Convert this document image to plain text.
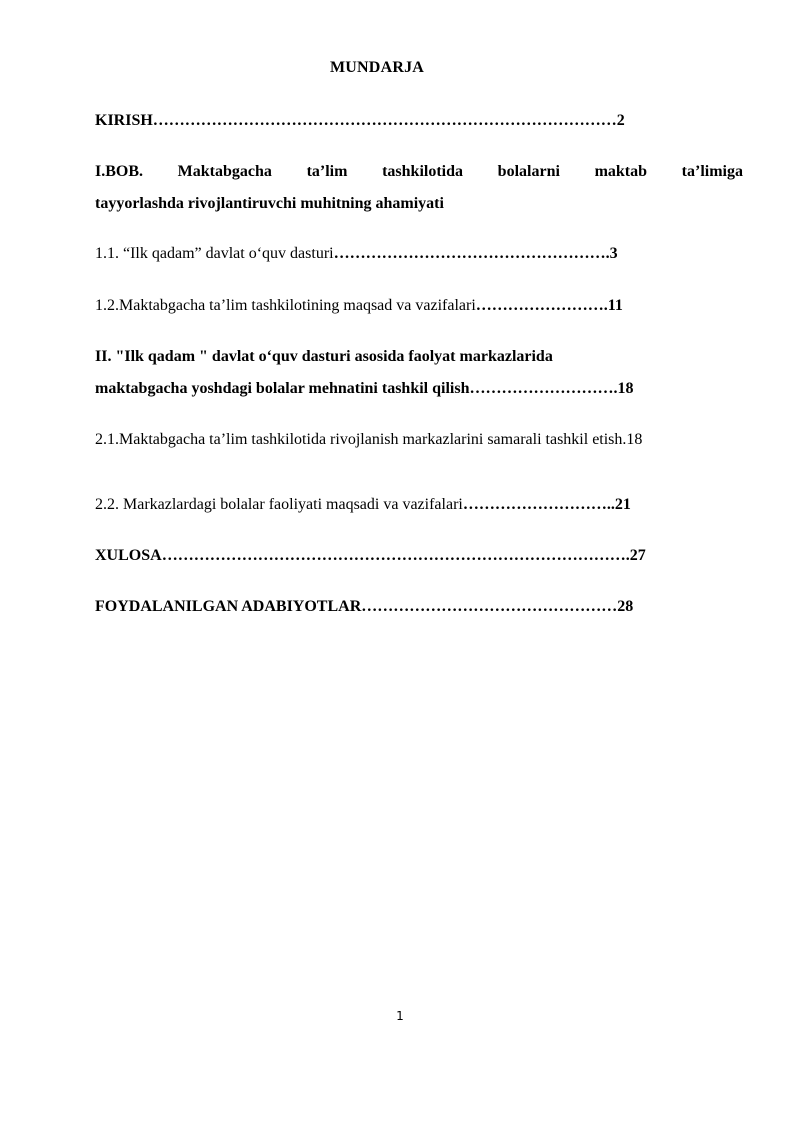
MUNDARJA
KIRISH……………………………………………………………………………2
I.BOB. Maktabgacha ta’lim tashkilotida bolalarni maktab ta’limiga
tayyorlashda rivojlantiruvchi muhitning ahamiyati
1.1. “Ilk qadam” davlat o‘quv dasturi…………………………………………….3
1.2.Maktabgacha ta’lim tashkilotining maqsad va vazifalari…………………….11
II. "Ilk qadam " davlat o‘quv dasturi asosida faolyat markazlarida
maktabgacha yoshdagi bolalar mehnatini tashkil qilish……………………….18
2.1.Maktabgacha ta’lim tashkilotida rivojlanish markazlarini samarali tashkil etish.18
2.2. Markazlardagi bolalar faoliyati maqsadi va vazifalari………………………..21
XULOSA…………………………………………………………………………….27
FOYDALANILGAN ADABIYOTLAR…………………………………………28
1
